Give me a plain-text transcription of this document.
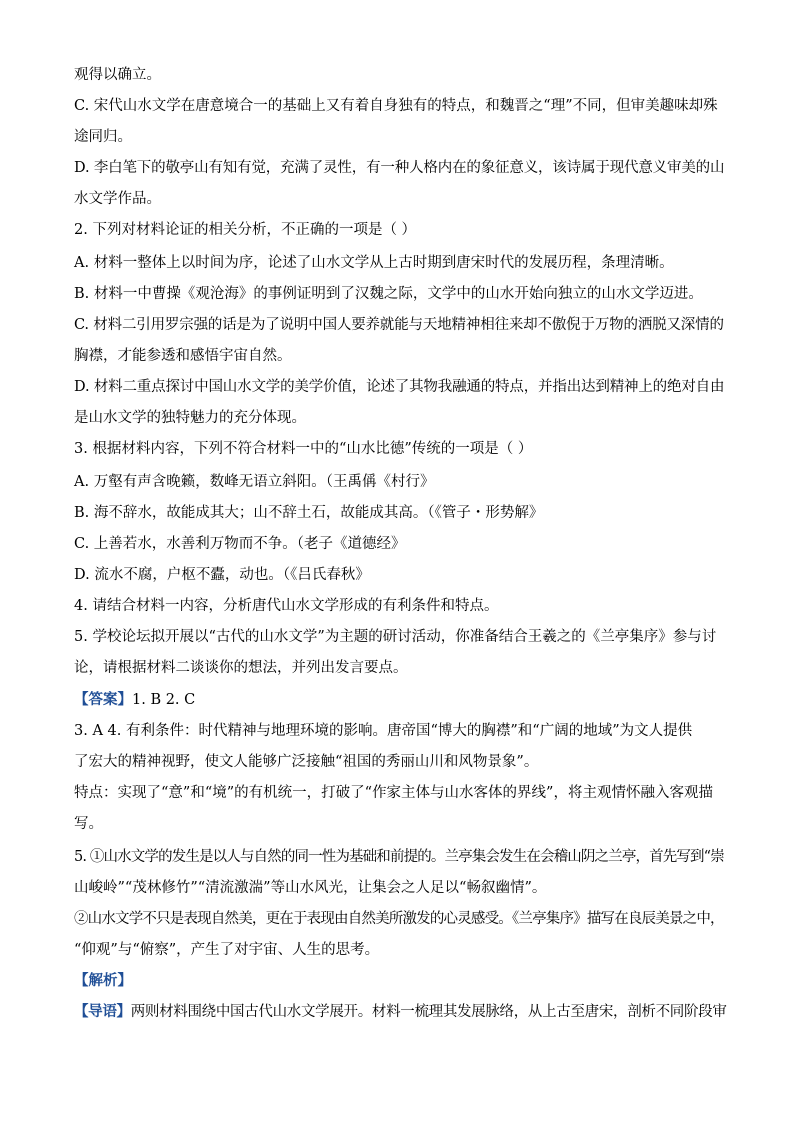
观得以确立。
C. 宋代山水文学在唐意境合一的基础上又有着自身独有的特点，和魏晋之“理”不同，但审美趣味却殊
途同归。
D. 李白笔下的敬亭山有知有觉，充满了灵性，有一种人格内在的象征意义，该诗属于现代意义审美的山
水文学作品。
2. 下列对材料论证的相关分析，不正确的一项是（ ）
A. 材料一整体上以时间为序，论述了山水文学从上古时期到唐宋时代的发展历程，条理清晰。
B. 材料一中曹操《观沧海》的事例证明到了汉魏之际，文学中的山水开始向独立的山水文学迈进。
C. 材料二引用罗宗强的话是为了说明中国人要养就能与天地精神相往来却不傲倪于万物的洒脱又深情的
胸襟，才能参透和感悟宇宙自然。
D. 材料二重点探讨中国山水文学的美学价值，论述了其物我融通的特点，并指出达到精神上的绝对自由
是山水文学的独特魅力的充分体现。
3. 根据材料内容，下列不符合材料一中的“山水比德”传统的一项是（ ）
A. 万壑有声含晚籁，数峰无语立斜阳。（王禹偁《村行》
B. 海不辞水，故能成其大；山不辞土石，故能成其高。（《管子・形势解》
C. 上善若水，水善利万物而不争。（老子《道德经》
D. 流水不腐，户枢不蠹，动也。（《吕氏春秋》
4. 请结合材料一内容，分析唐代山水文学形成的有利条件和特点。
5. 学校论坛拟开展以“古代的山水文学”为主题的研讨活动，你准备结合王羲之的《兰亭集序》参与讨
论，请根据材料二谈谈你的想法，并列出发言要点。
【答案】1. B 2. C
3. A 4. 有利条件：时代精神与地理环境的影响。唐帝国“博大的胸襟”和“广阔的地域”为文人提供
了宏大的精神视野，使文人能够广泛接触“祖国的秀丽山川和风物景象”。
特点：实现了“意”和“境”的有机统一，打破了“作家主体与山水客体的界线”，将主观情怀融入客观描
写。
5. ①山水文学的发生是以人与自然的同一性为基础和前提的。兰亭集会发生在会稽山阴之兰亭，首先写到“崇
山峻岭”“茂林修竹”“清流激湍”等山水风光，让集会之人足以“畅叙幽情”。
②山水文学不只是表现自然美，更在于表现由自然美所激发的心灵感受。《兰亭集序》描写在良辰美景之中，
“仰观”与“俯察”，产生了对宇宙、人生的思考。
【解析】
【导语】两则材料围绕中国古代山水文学展开。材料一梳理其发展脉络，从上古至唐宋，剖析不同阶段审
